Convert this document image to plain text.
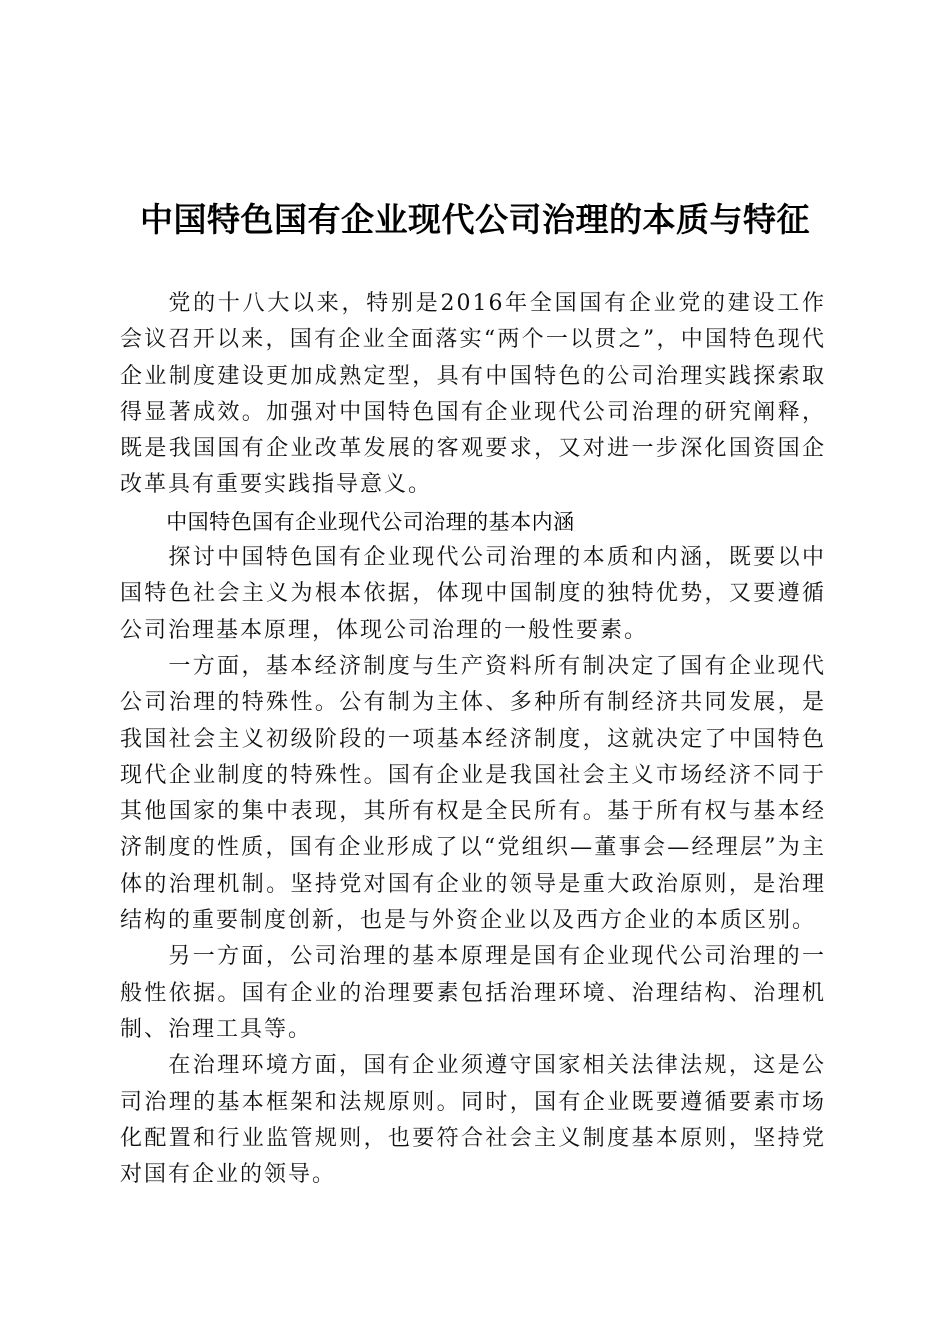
中国特色国有企业现代公司治理的本质与特征

党的十八大以来，特别是2016年全国国有企业党的建设工作会议召开以来，国有企业全面落实“两个一以贯之”，中国特色现代企业制度建设更加成熟定型，具有中国特色的公司治理实践探索取得显著成效。加强对中国特色国有企业现代公司治理的研究阐释，既是我国国有企业改革发展的客观要求，又对进一步深化国资国企改革具有重要实践指导意义。

中国特色国有企业现代公司治理的基本内涵

探讨中国特色国有企业现代公司治理的本质和内涵，既要以中国特色社会主义为根本依据，体现中国制度的独特优势，又要遵循公司治理基本原理，体现公司治理的一般性要素。

一方面，基本经济制度与生产资料所有制决定了国有企业现代公司治理的特殊性。公有制为主体、多种所有制经济共同发展，是我国社会主义初级阶段的一项基本经济制度，这就决定了中国特色现代企业制度的特殊性。国有企业是我国社会主义市场经济不同于其他国家的集中表现，其所有权是全民所有。基于所有权与基本经济制度的性质，国有企业形成了以“党组织—董事会—经理层”为主体的治理机制。坚持党对国有企业的领导是重大政治原则，是治理结构的重要制度创新，也是与外资企业以及西方企业的本质区别。

另一方面，公司治理的基本原理是国有企业现代公司治理的一般性依据。国有企业的治理要素包括治理环境、治理结构、治理机制、治理工具等。

在治理环境方面，国有企业须遵守国家相关法律法规，这是公司治理的基本框架和法规原则。同时，国有企业既要遵循要素市场化配置和行业监管规则，也要符合社会主义制度基本原则，坚持党对国有企业的领导。
